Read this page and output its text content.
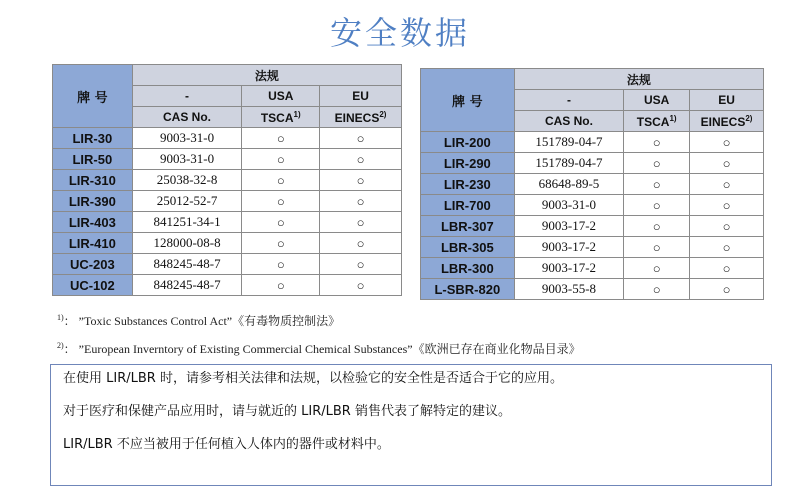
安全数据
牌 号	法规		
	-	USA	EU
	CAS No.	TSCA$^{1)}$	EINECS$^{2)}$
LIR-30	9003-31-0	○	○
LIR-50	9003-31-0	○	○
LIR-310	25038-32-8	○	○
LIR-390	25012-52-7	○	○
LIR-403	841251-34-1	○	○
LIR-410	128000-08-8	○	○
UC-203	848245-48-7	○	○
UC-102	848245-48-7	○	○
牌 号	法规		
	-	USA	EU
	CAS No.	TSCA$^{1)}$	EINECS$^{2)}$
LIR-200	151789-04-7	○	○
LIR-290	151789-04-7	○	○
LIR-230	68648-89-5	○	○
LIR-700	9003-31-0	○	○
LBR-307	9003-17-2	○	○
LBR-305	9003-17-2	○	○
LBR-300	9003-17-2	○	○
L-SBR-820	9003-55-8	○	○
$^{1)}$： ”Toxic Substances Control Act”《有毒物质控制法》
$^{2)}$： ”European Inverntory of Existing Commercial Chemical Substances”《欧洲已存在商业化物品目录》

在使用 LIR/LBR 时，请参考相关法律和法规，以检验它的安全性是否适合于它的应用。

对于医疗和保健产品应用时，请与就近的 LIR/LBR 销售代表了解特定的建议。

LIR/LBR 不应当被用于任何植入人体内的器件或材料中。
